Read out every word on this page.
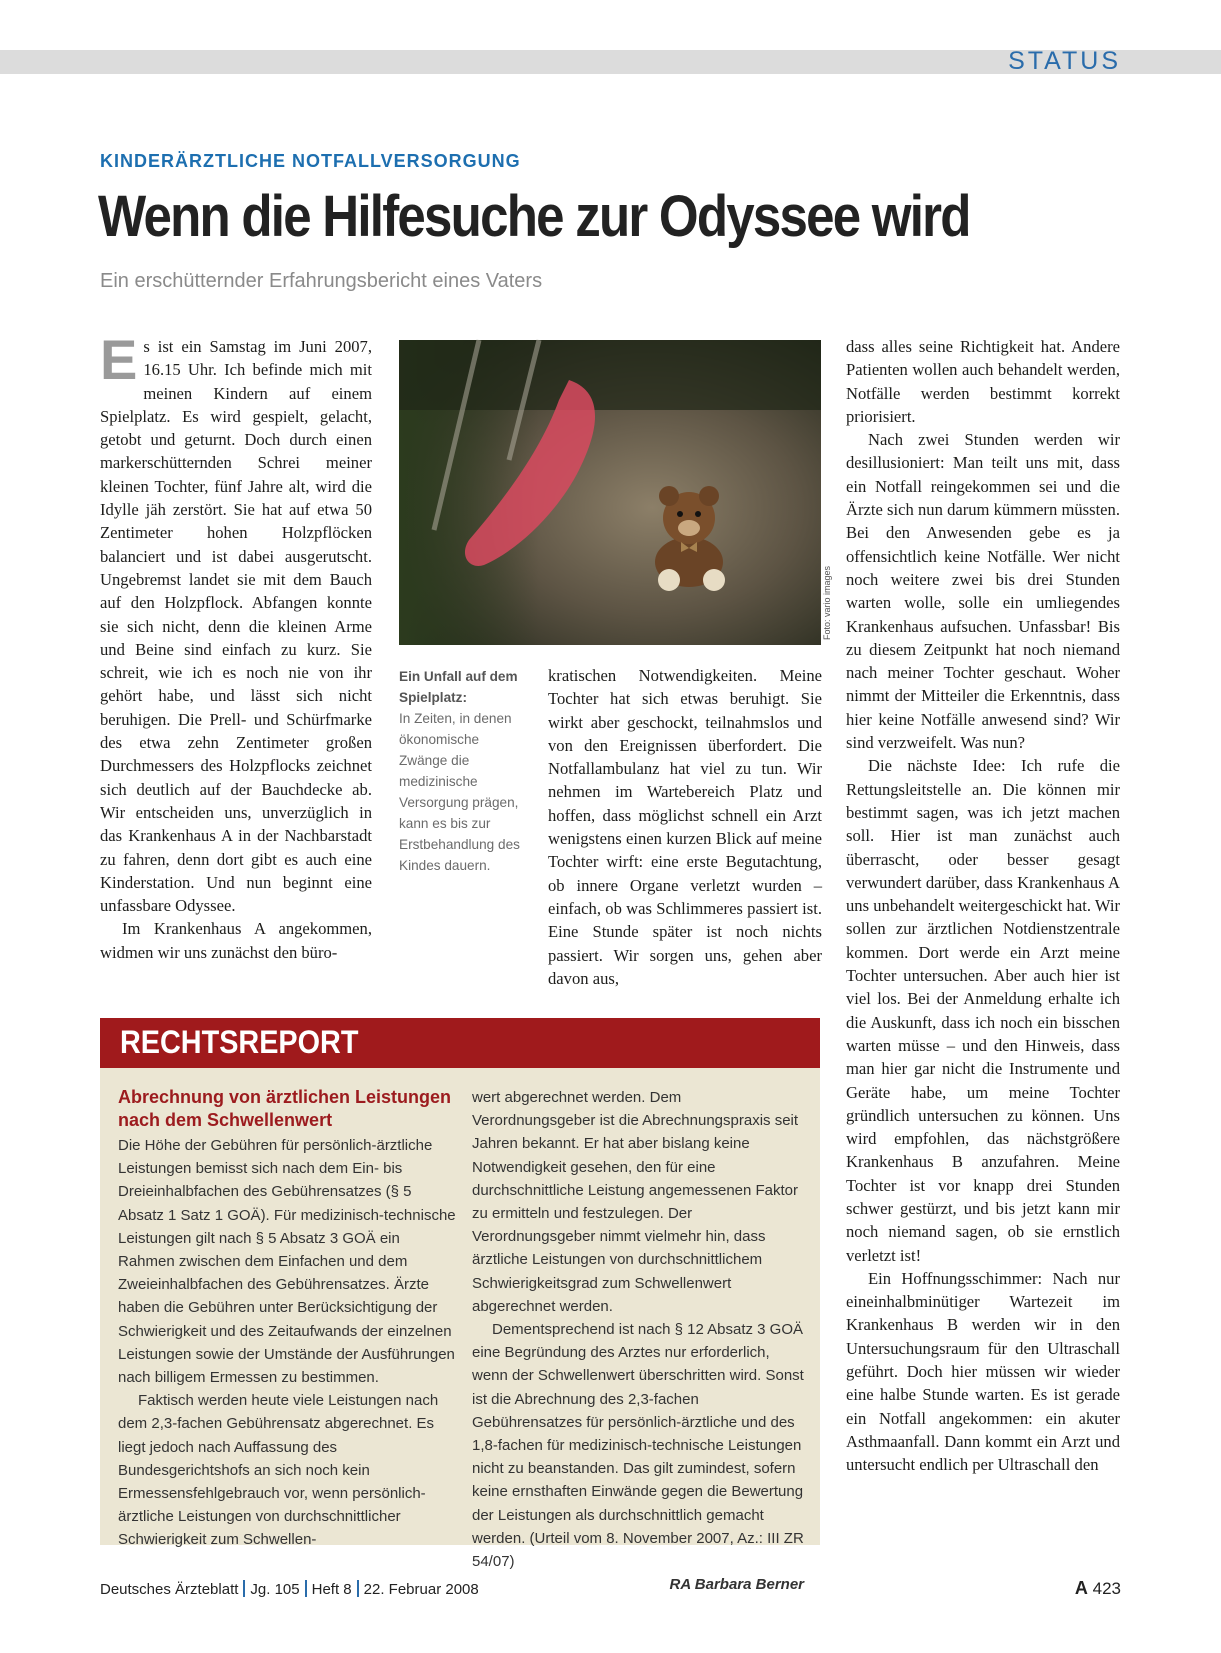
STATUS
KINDERÄRZTLICHE NOTFALLVERSORGUNG
Wenn die Hilfesuche zur Odyssee wird
Ein erschütternder Erfahrungsbericht eines Vaters

Es ist ein Samstag im Juni 2007, 16.15 Uhr. Ich befinde mich mit meinen Kindern auf einem Spielplatz. Es wird gespielt, gelacht, getobt und geturnt. Doch durch einen markerschütternden Schrei meiner kleinen Tochter, fünf Jahre alt, wird die Idylle jäh zerstört. Sie hat auf etwa 50 Zentimeter hohen Holzpflöcken balanciert und ist dabei ausgerutscht. Ungebremst landet sie mit dem Bauch auf den Holzpflock. Abfangen konnte sie sich nicht, denn die kleinen Arme und Beine sind einfach zu kurz. Sie schreit, wie ich es noch nie von ihr gehört habe, und lässt sich nicht beruhigen. Die Prell- und Schürfmarke des etwa zehn Zentimeter großen Durchmessers des Holzpflocks zeichnet sich deutlich auf der Bauchdecke ab. Wir entscheiden uns, unverzüglich in das Krankenhaus A in der Nachbarstadt zu fahren, denn dort gibt es auch eine Kinderstation. Und nun beginnt eine unfassbare Odyssee.

Im Krankenhaus A angekommen, widmen wir uns zunächst den büro-

Foto: vario images
Ein Unfall auf dem Spielplatz:
In Zeiten, in denen ökonomische Zwänge die medizinische Versorgung prägen, kann es bis zur Erstbehandlung des Kindes dauern.

kratischen Notwendigkeiten. Meine Tochter hat sich etwas beruhigt. Sie wirkt aber geschockt, teilnahmslos und von den Ereignissen überfordert. Die Notfallambulanz hat viel zu tun. Wir nehmen im Wartebereich Platz und hoffen, dass möglichst schnell ein Arzt wenigstens einen kurzen Blick auf meine Tochter wirft: eine erste Begutachtung, ob innere Organe verletzt wurden – einfach, ob was Schlimmeres passiert ist. Eine Stunde später ist noch nichts passiert. Wir sorgen uns, gehen aber davon aus,

dass alles seine Richtigkeit hat. Andere Patienten wollen auch behandelt werden, Notfälle werden bestimmt korrekt priorisiert.

Nach zwei Stunden werden wir desillusioniert: Man teilt uns mit, dass ein Notfall reingekommen sei und die Ärzte sich nun darum kümmern müssten. Bei den Anwesenden gebe es ja offensichtlich keine Notfälle. Wer nicht noch weitere zwei bis drei Stunden warten wolle, solle ein umliegendes Krankenhaus aufsuchen. Unfassbar! Bis zu diesem Zeitpunkt hat noch niemand nach meiner Tochter geschaut. Woher nimmt der Mitteiler die Erkenntnis, dass hier keine Notfälle anwesend sind? Wir sind verzweifelt. Was nun?

Die nächste Idee: Ich rufe die Rettungsleitstelle an. Die können mir bestimmt sagen, was ich jetzt machen soll. Hier ist man zunächst auch überrascht, oder besser gesagt verwundert darüber, dass Krankenhaus A uns unbehandelt weitergeschickt hat. Wir sollen zur ärztlichen Notdienstzentrale kommen. Dort werde ein Arzt meine Tochter untersuchen. Aber auch hier ist viel los. Bei der Anmeldung erhalte ich die Auskunft, dass ich noch ein bisschen warten müsse – und den Hinweis, dass man hier gar nicht die Instrumente und Geräte habe, um meine Tochter gründlich untersuchen zu können. Uns wird empfohlen, das nächstgrößere Krankenhaus B anzufahren. Meine Tochter ist vor knapp drei Stunden schwer gestürzt, und bis jetzt kann mir noch niemand sagen, ob sie ernstlich verletzt ist!

Ein Hoffnungsschimmer: Nach nur eineinhalbminütiger Wartezeit im Krankenhaus B werden wir in den Untersuchungsraum für den Ultraschall geführt. Doch hier müssen wir wieder eine halbe Stunde warten. Es ist gerade ein Notfall angekommen: ein akuter Asthmaanfall. Dann kommt ein Arzt und untersucht endlich per Ultraschall den

RECHTSREPORT
Abrechnung von ärztlichen Leistungen nach dem Schwellenwert

Die Höhe der Gebühren für persönlich-ärztliche Leistungen bemisst sich nach dem Ein- bis Dreieinhalbfachen des Gebührensatzes (§ 5 Absatz 1 Satz 1 GOÄ). Für medizinisch-technische Leistungen gilt nach § 5 Absatz 3 GOÄ ein Rahmen zwischen dem Einfachen und dem Zweieinhalbfachen des Gebührensatzes. Ärzte haben die Gebühren unter Berücksichtigung der Schwierigkeit und des Zeitaufwands der einzelnen Leistungen sowie der Umstände der Ausführungen nach billigem Ermessen zu bestimmen.

Faktisch werden heute viele Leistungen nach dem 2,3-fachen Gebührensatz abgerechnet. Es liegt jedoch nach Auffassung des Bundesgerichtshofs an sich noch kein Ermessensfehlgebrauch vor, wenn persönlich-ärztliche Leistungen von durchschnittlicher Schwierigkeit zum Schwellen-

wert abgerechnet werden. Dem Verordnungsgeber ist die Abrechnungspraxis seit Jahren bekannt. Er hat aber bislang keine Notwendigkeit gesehen, den für eine durchschnittliche Leistung angemessenen Faktor zu ermitteln und festzulegen. Der Verordnungsgeber nimmt vielmehr hin, dass ärztliche Leistungen von durchschnittlichem Schwierigkeitsgrad zum Schwellenwert abgerechnet werden.

Dementsprechend ist nach § 12 Absatz 3 GOÄ eine Begründung des Arztes nur erforderlich, wenn der Schwellenwert überschritten wird. Sonst ist die Abrechnung des 2,3-fachen Gebührensatzes für persönlich-ärztliche und des 1,8-fachen für medizinisch-technische Leistungen nicht zu beanstanden. Das gilt zumindest, sofern keine ernsthaften Einwände gegen die Bewertung der Leistungen als durchschnittlich gemacht werden. (Urteil vom 8. November 2007, Az.: III ZR 54/07)

RA Barbara Berner
Deutsches Ärzteblatt Jg. 105 Heft 8 22. Februar 2008	A 423
